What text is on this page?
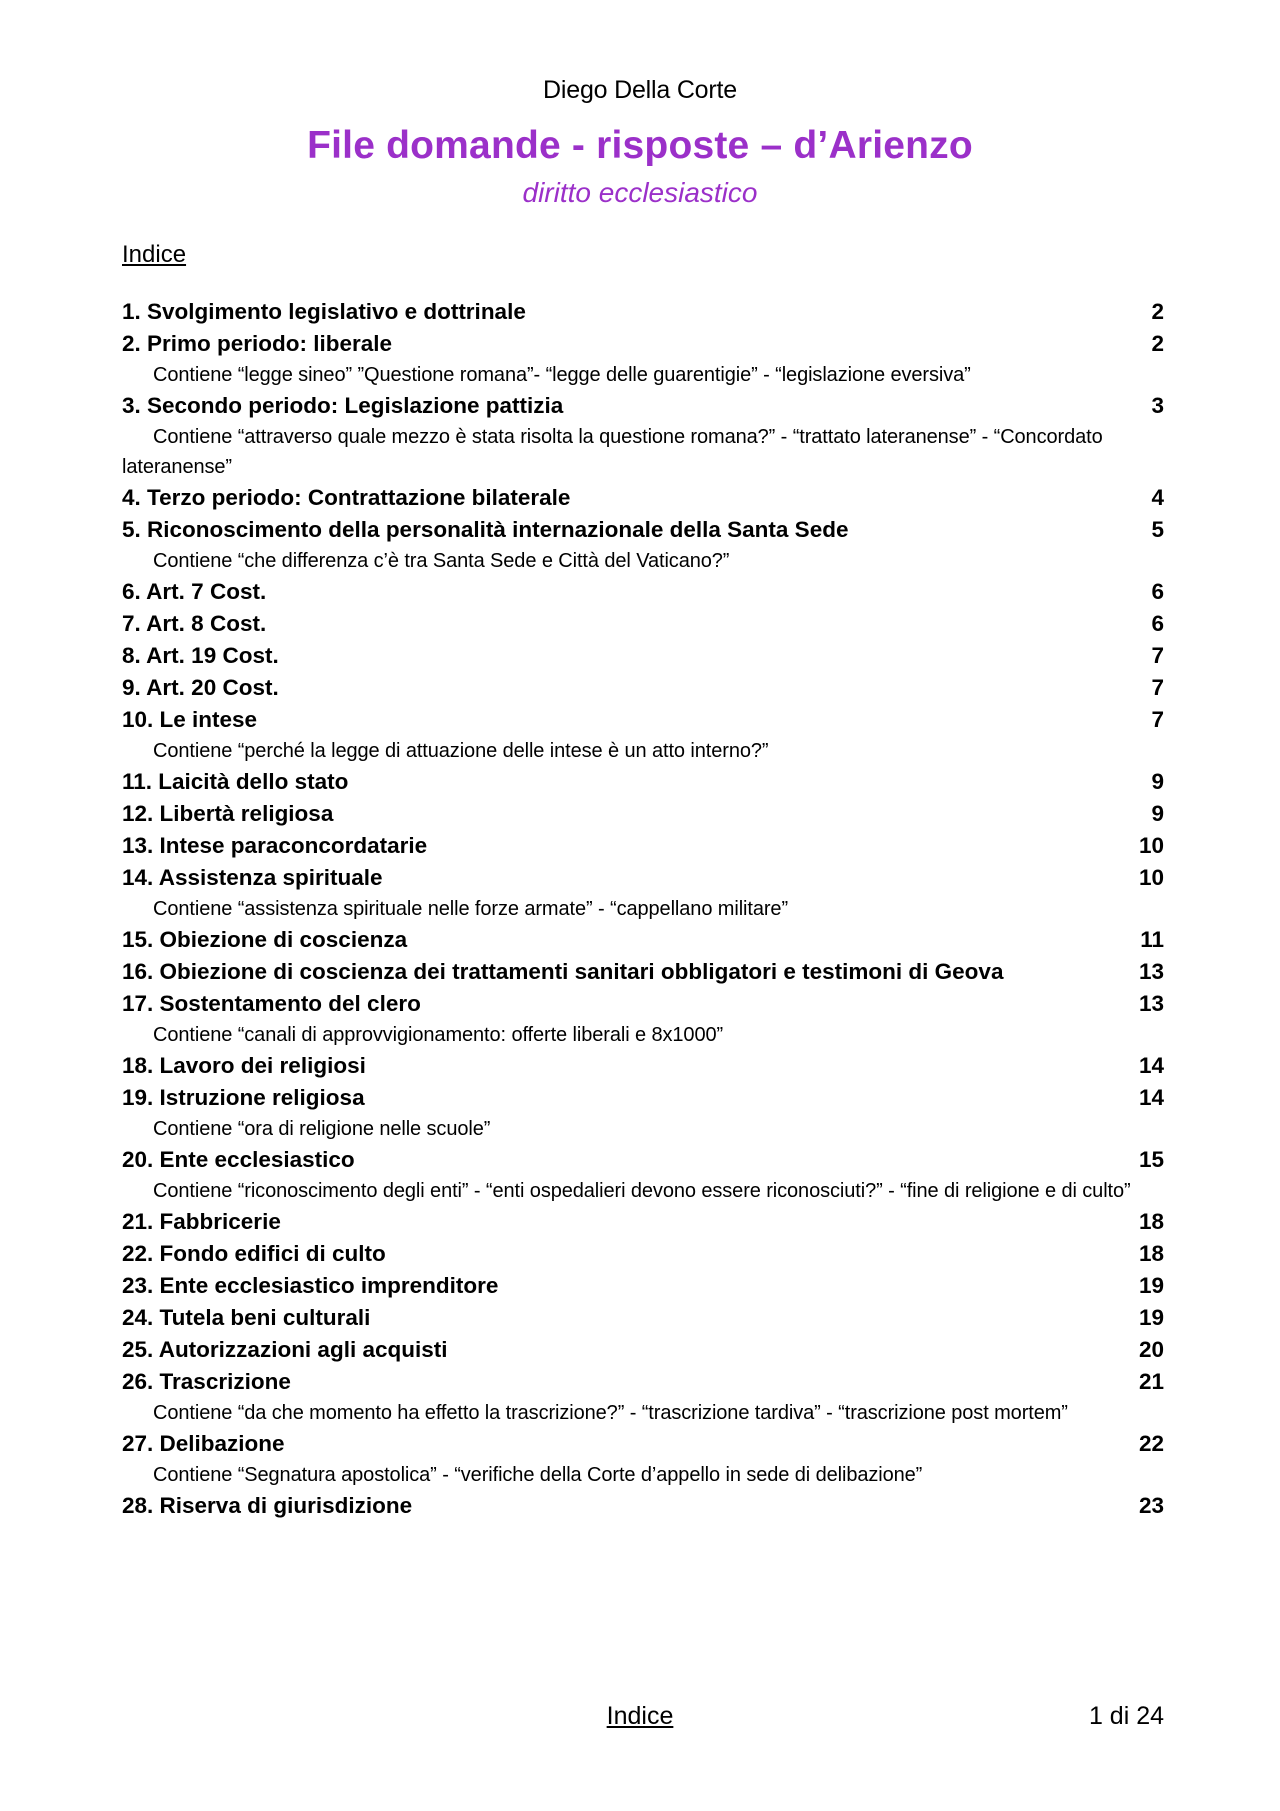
Diego Della Corte
File domande - risposte – d’Arienzo
diritto ecclesiastico
Indice
1. Svolgimento legislativo e dottrinale	2
2. Primo periodo: liberale	2
Contiene “legge sineo” ”Questione romana”- “legge delle guarentigie” - “legislazione eversiva”
3. Secondo periodo: Legislazione pattizia	3
Contiene “attraverso quale mezzo è stata risolta la questione romana?” - “trattato lateranense” - “Concordato lateranense”
4. Terzo periodo: Contrattazione bilaterale	4
5. Riconoscimento della personalità internazionale della Santa Sede	5
Contiene “che differenza c’è tra Santa Sede e Città del Vaticano?”
6. Art. 7 Cost.	6
7. Art. 8 Cost.	6
8. Art. 19 Cost.	7
9. Art. 20 Cost.	7
10. Le intese	7
Contiene “perché la legge di attuazione delle intese è un atto interno?”
11. Laicità dello stato	9
12. Libertà religiosa	9
13. Intese paraconcordatarie	10
14. Assistenza spirituale	10
Contiene “assistenza spirituale nelle forze armate” - “cappellano militare”
15. Obiezione di coscienza	11
16. Obiezione di coscienza dei trattamenti sanitari obbligatori e testimoni di Geova	13
17. Sostentamento del clero	13
Contiene “canali di approvvigionamento: offerte liberali e 8x1000”
18. Lavoro dei religiosi	14
19. Istruzione religiosa	14
Contiene “ora di religione nelle scuole”
20. Ente ecclesiastico	15
Contiene “riconoscimento degli enti” - “enti ospedalieri devono essere riconosciuti?” - “fine di religione e di culto”
21. Fabbricerie	18
22. Fondo edifici di culto	18
23. Ente ecclesiastico imprenditore	19
24. Tutela beni culturali	19
25. Autorizzazioni agli acquisti	20
26. Trascrizione	21
Contiene “da che momento ha effetto la trascrizione?” - “trascrizione tardiva” - “trascrizione post mortem”
27. Delibazione	22
Contiene “Segnatura apostolica” - “verifiche della Corte d’appello in sede di delibazione”
28. Riserva di giurisdizione	23
Indice	1 di 24
